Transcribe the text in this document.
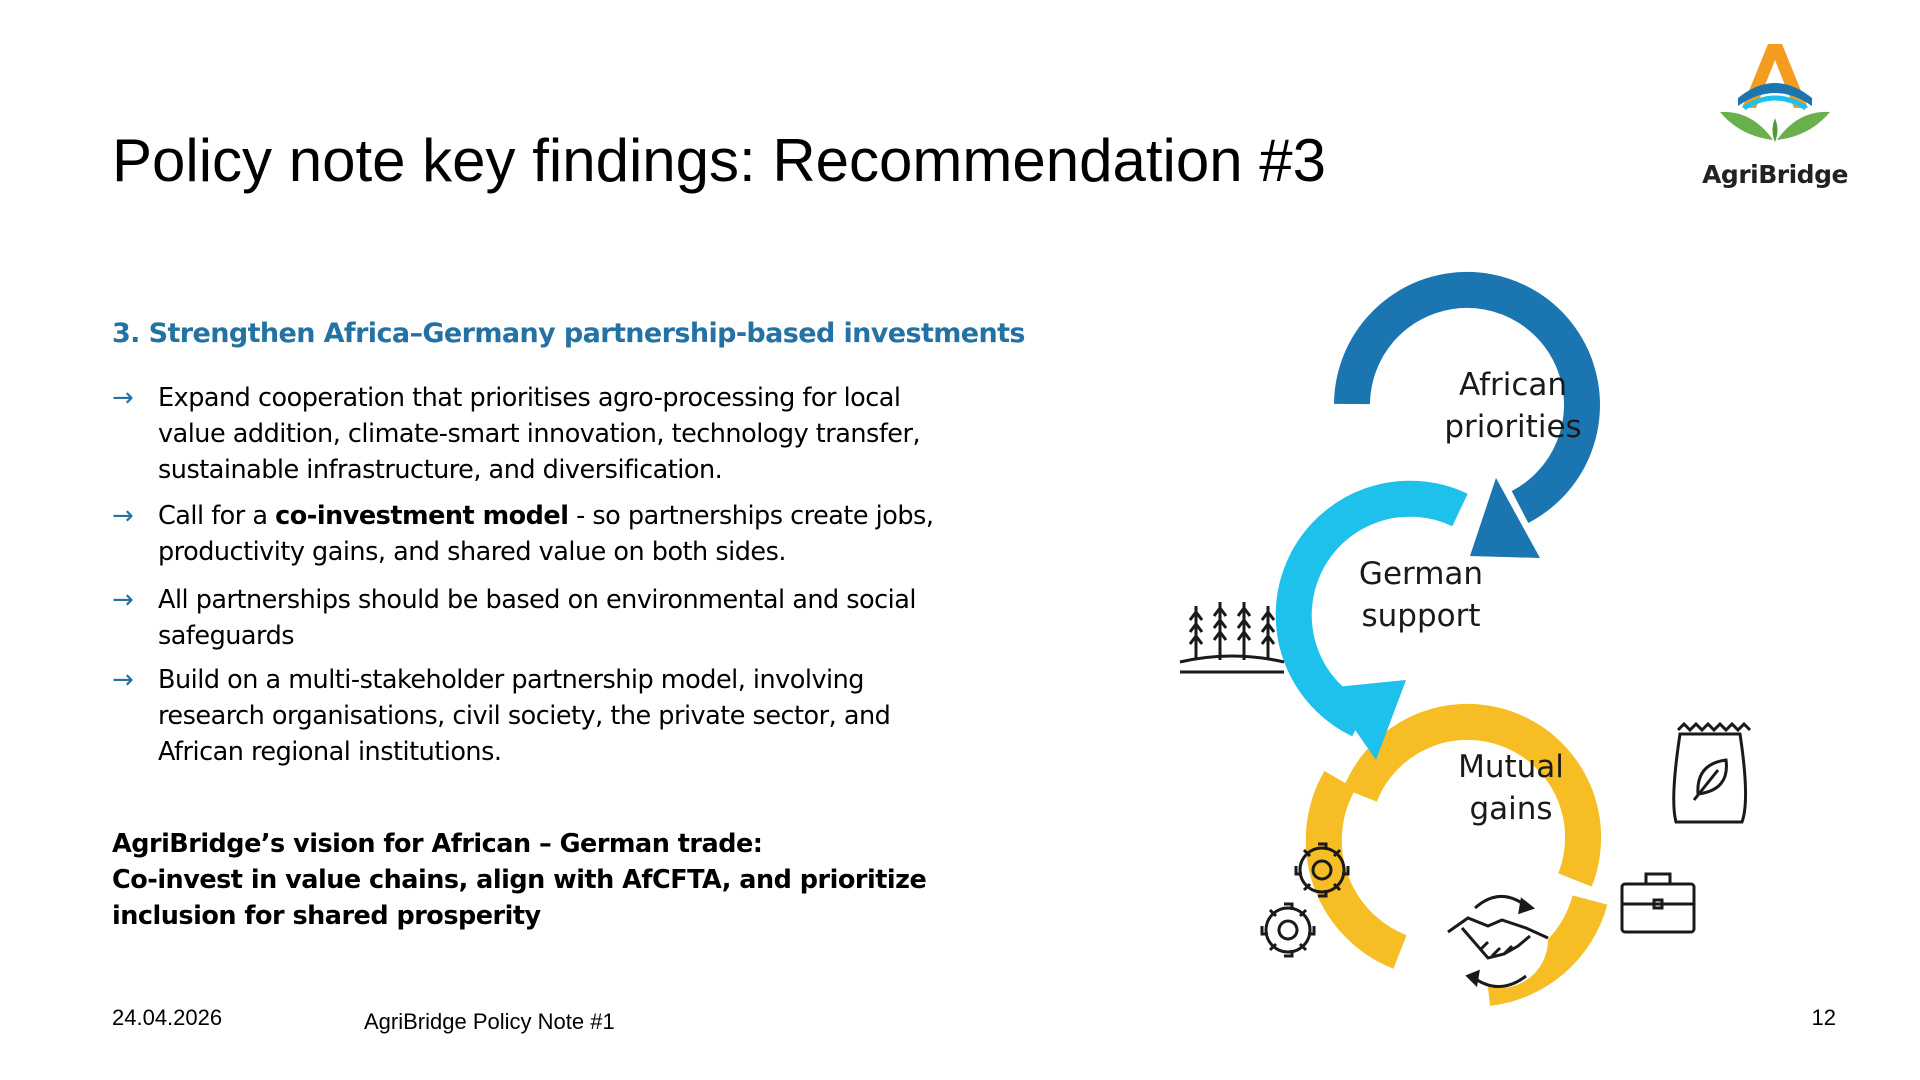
Policy note key findings: Recommendation #3	AgriBridge
3. Strengthen Africa–Germany partnership-based investments
→ Expand cooperation that prioritises agro-processing for local
value addition, climate-smart innovation, technology transfer,
sustainable infrastructure, and diversification.
→ Call for a co-investment model - so partnerships create jobs,
productivity gains, and shared value on both sides.
→ All partnerships should be based on environmental and social
safeguards
→ Build on a multi-stakeholder partnership model, involving
research organisations, civil society, the private sector, and
African regional institutions.
AgriBridge’s vision for African – German trade:
Co-invest in value chains, align with AfCFTA, and prioritize
inclusion for shared prosperity
African
priorities
German
support
Mutual
gains
24.04.2026	AgriBridge Policy Note #1	12
